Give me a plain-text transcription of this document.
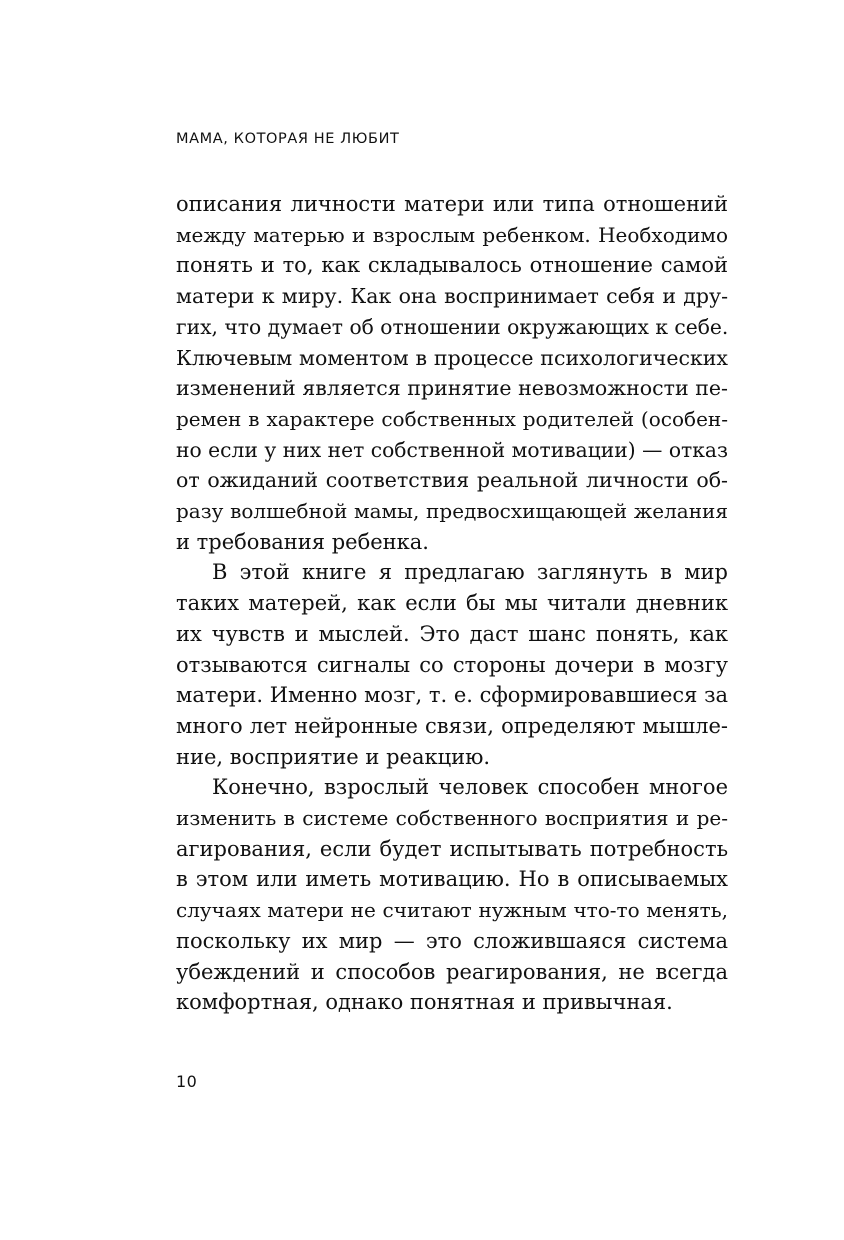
МАМА, КОТОРАЯ НЕ ЛЮБИТ

описания личности матери или типа отношений
между матерью и взрослым ребенком. Необходимо
понять и то, как складывалось отношение самой
матери к миру. Как она воспринимает себя и дру-
гих, что думает об отношении окружающих к себе.
Ключевым моментом в процессе психологических
изменений является принятие невозможности пе-
ремен в характере собственных родителей (особен-
но если у них нет собственной мотивации) — отказ
от ожиданий соответствия реальной личности об-
разу волшебной мамы, предвосхищающей желания
и требования ребенка.

В этой книге я предлагаю заглянуть в мир
таких матерей, как если бы мы читали дневник
их чувств и мыслей. Это даст шанс понять, как
отзываются сигналы со стороны дочери в мозгу
матери. Именно мозг, т. е. сформировавшиеся за
много лет нейронные связи, определяют мышле-
ние, восприятие и реакцию.

Конечно, взрослый человек способен многое
изменить в системе собственного восприятия и ре-
агирования, если будет испытывать потребность
в этом или иметь мотивацию. Но в описываемых
случаях матери не считают нужным что-то менять,
поскольку их мир — это сложившаяся система
убеждений и способов реагирования, не всегда
комфортная, однако понятная и привычная.

10
